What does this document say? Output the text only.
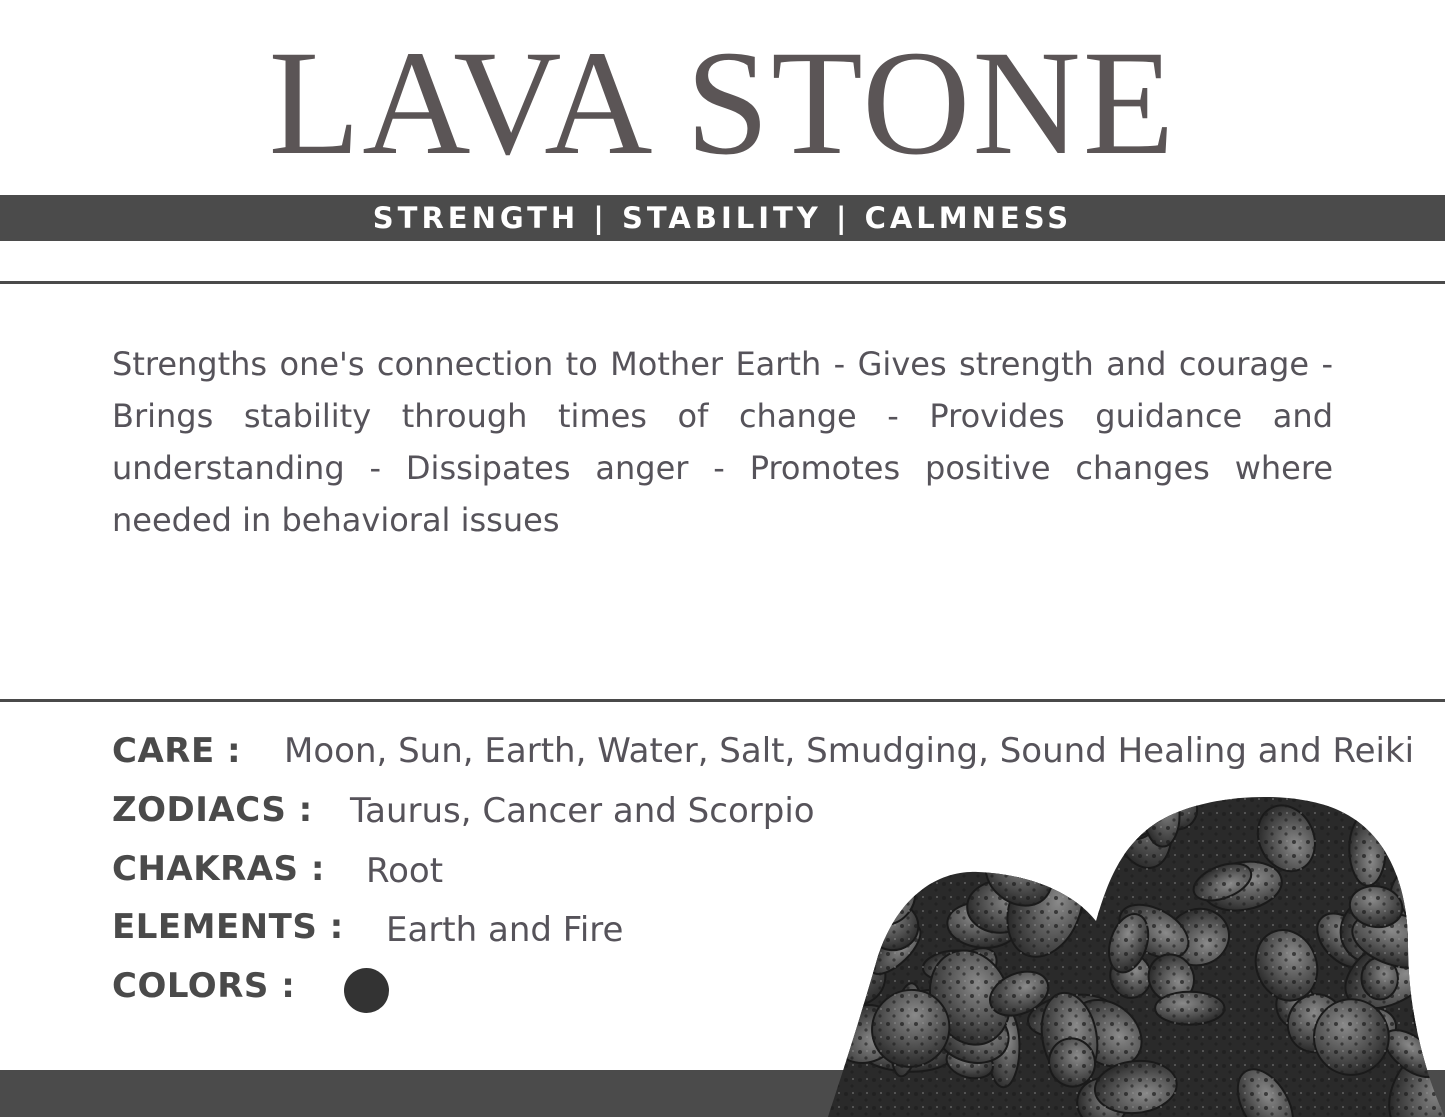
LAVA STONE
STRENGTH | STABILITY | CALMNESS

Strengths one's connection to Mother Earth - Gives strength and courage - Brings stability through times of change - Provides guidance and understanding - Dissipates anger - Promotes positive changes where needed in behavioral issues

CARE : Moon, Sun, Earth, Water, Salt, Smudging, Sound Healing and Reiki
ZODIACS : Taurus, Cancer and Scorpio
CHAKRAS : Root
ELEMENTS : Earth and Fire
COLORS :
